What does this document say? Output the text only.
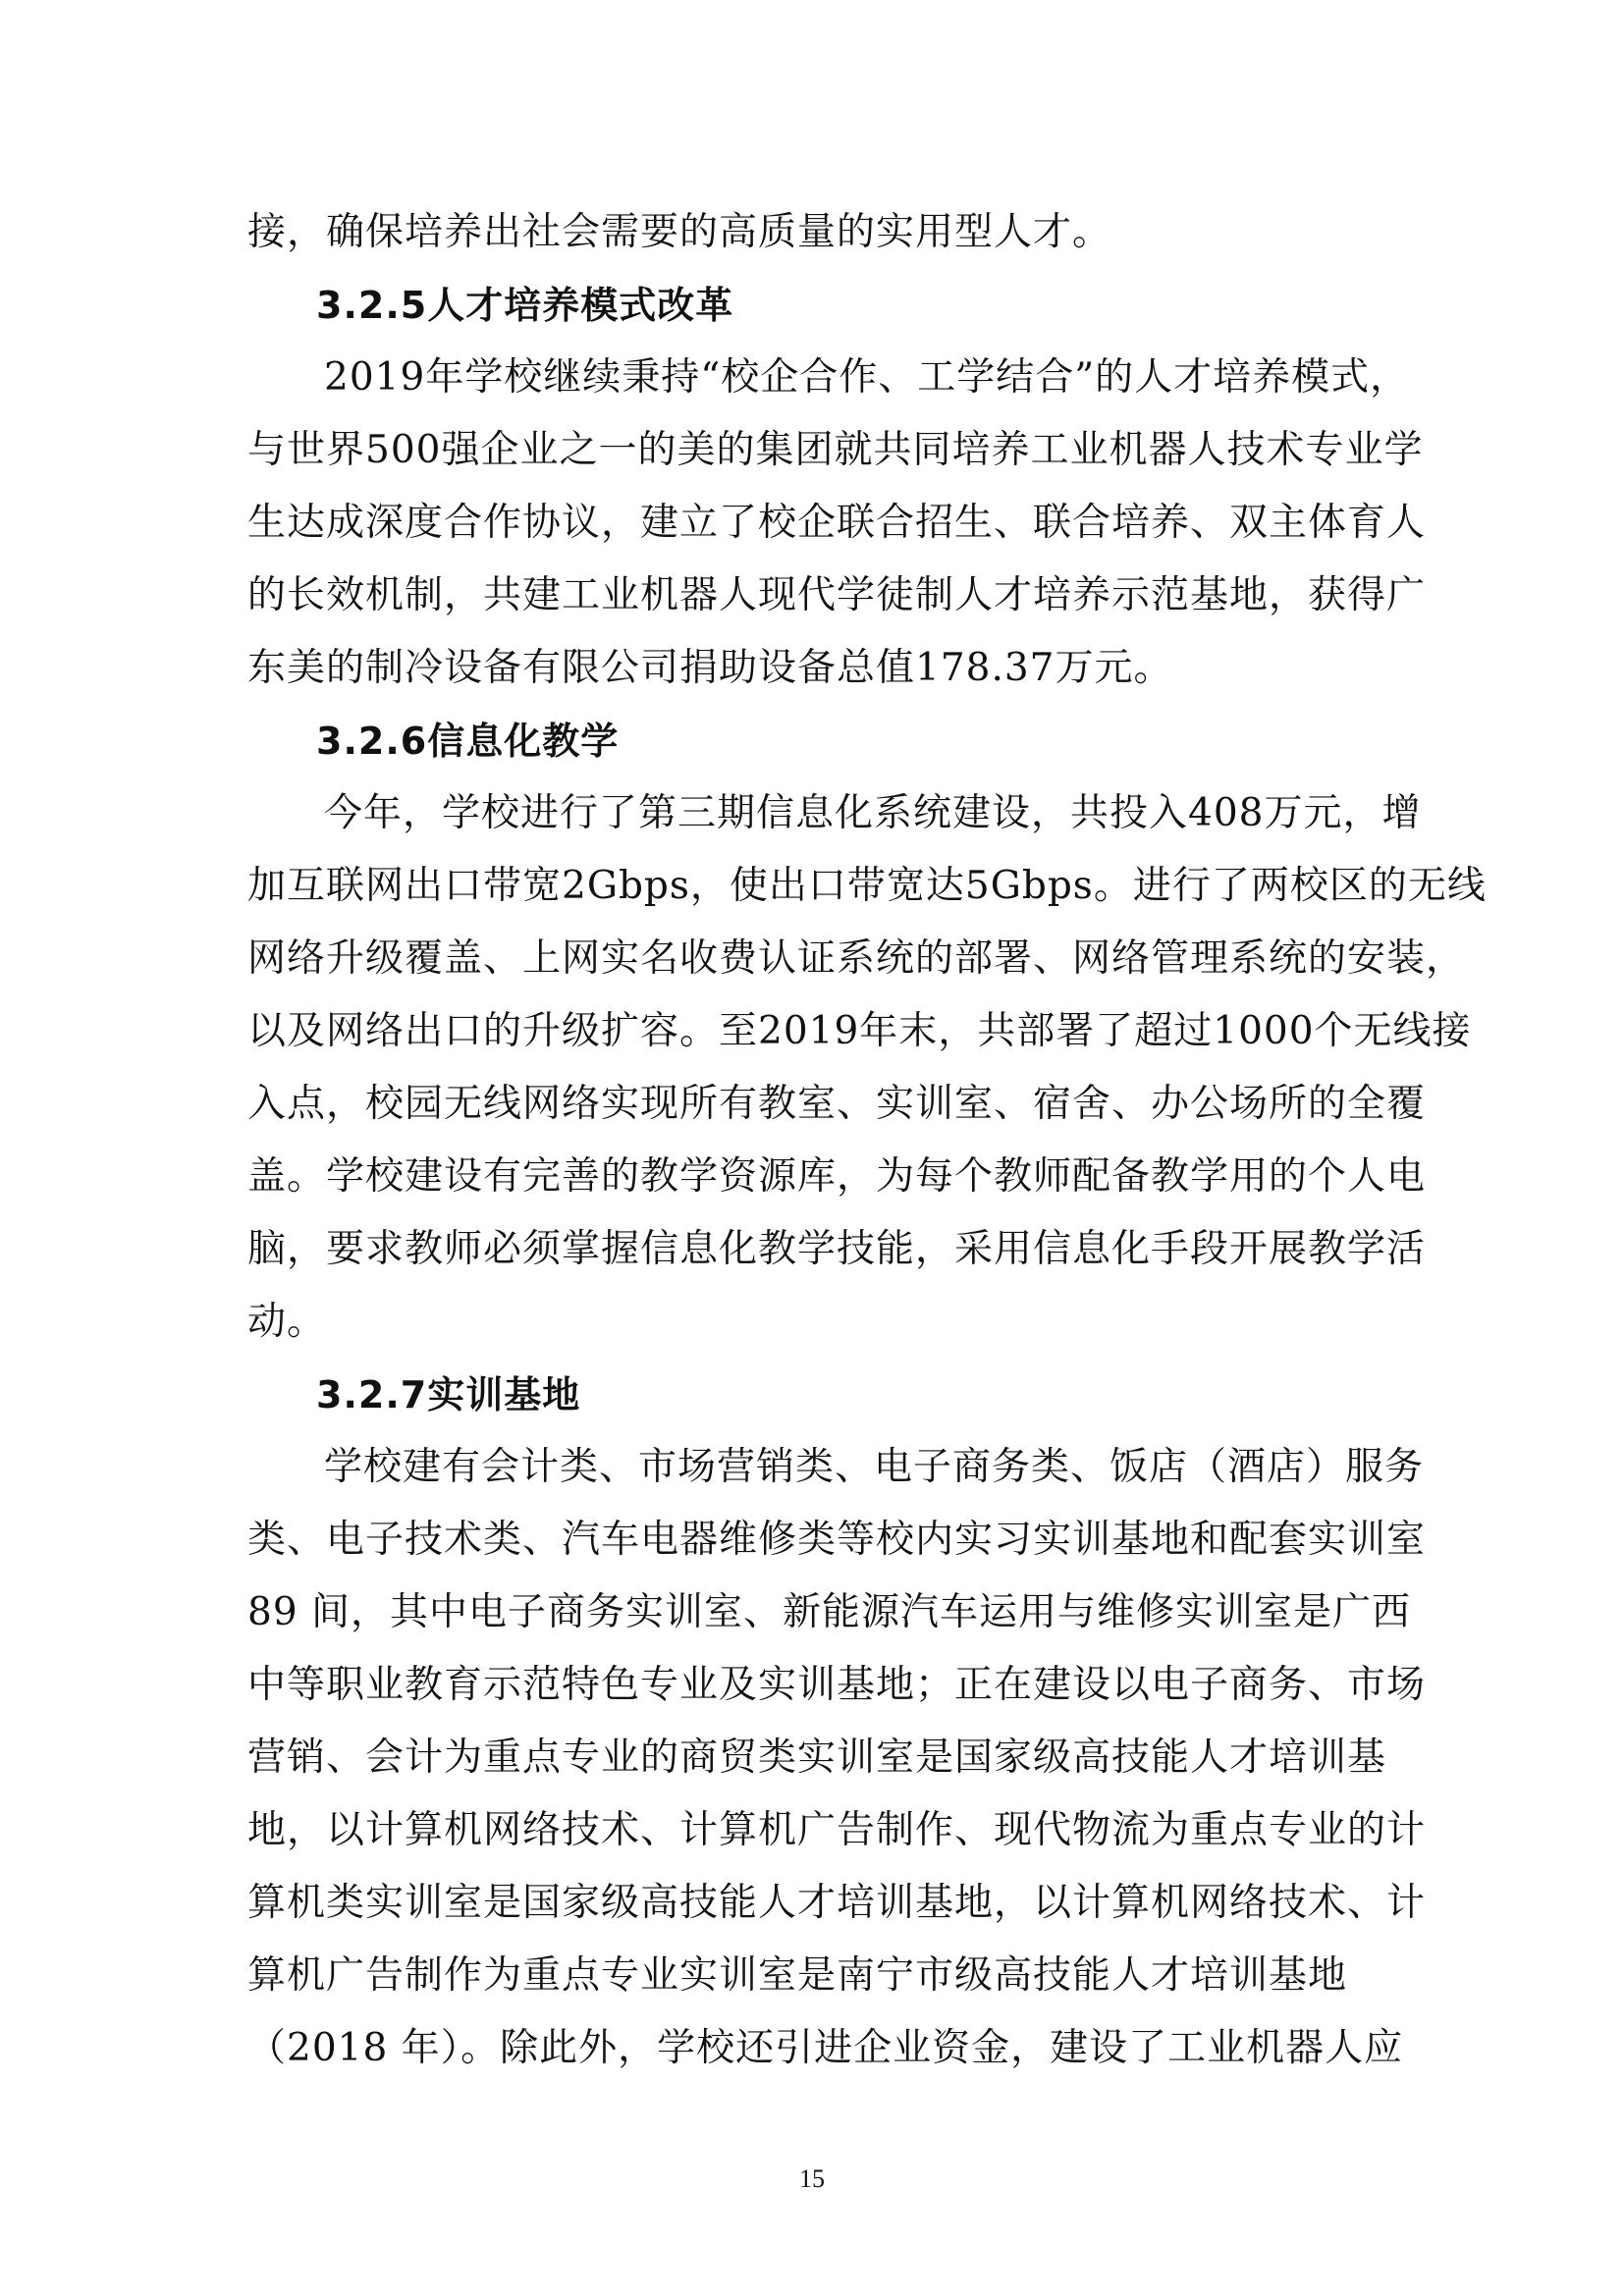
接，确保培养出社会需要的高质量的实用型人才。
3.2.5人才培养模式改革
2019年学校继续秉持“校企合作、工学结合”的人才培养模式，
与世界500强企业之一的美的集团就共同培养工业机器人技术专业学
生达成深度合作协议，建立了校企联合招生、联合培养、双主体育人
的长效机制，共建工业机器人现代学徒制人才培养示范基地，获得广
东美的制冷设备有限公司捐助设备总值178.37万元。
3.2.6信息化教学
今年，学校进行了第三期信息化系统建设，共投入408万元，增
加互联网出口带宽2Gbps，使出口带宽达5Gbps。进行了两校区的无线
网络升级覆盖、上网实名收费认证系统的部署、网络管理系统的安装，
以及网络出口的升级扩容。至2019年末，共部署了超过1000个无线接
入点，校园无线网络实现所有教室、实训室、宿舍、办公场所的全覆
盖。学校建设有完善的教学资源库，为每个教师配备教学用的个人电
脑，要求教师必须掌握信息化教学技能，采用信息化手段开展教学活
动。
3.2.7实训基地
学校建有会计类、市场营销类、电子商务类、饭店（酒店）服务
类、电子技术类、汽车电器维修类等校内实习实训基地和配套实训室
89 间，其中电子商务实训室、新能源汽车运用与维修实训室是广西
中等职业教育示范特色专业及实训基地；正在建设以电子商务、市场
营销、会计为重点专业的商贸类实训室是国家级高技能人才培训基
地，以计算机网络技术、计算机广告制作、现代物流为重点专业的计
算机类实训室是国家级高技能人才培训基地，以计算机网络技术、计
算机广告制作为重点专业实训室是南宁市级高技能人才培训基地
（2018 年）。除此外，学校还引进企业资金，建设了工业机器人应
15
